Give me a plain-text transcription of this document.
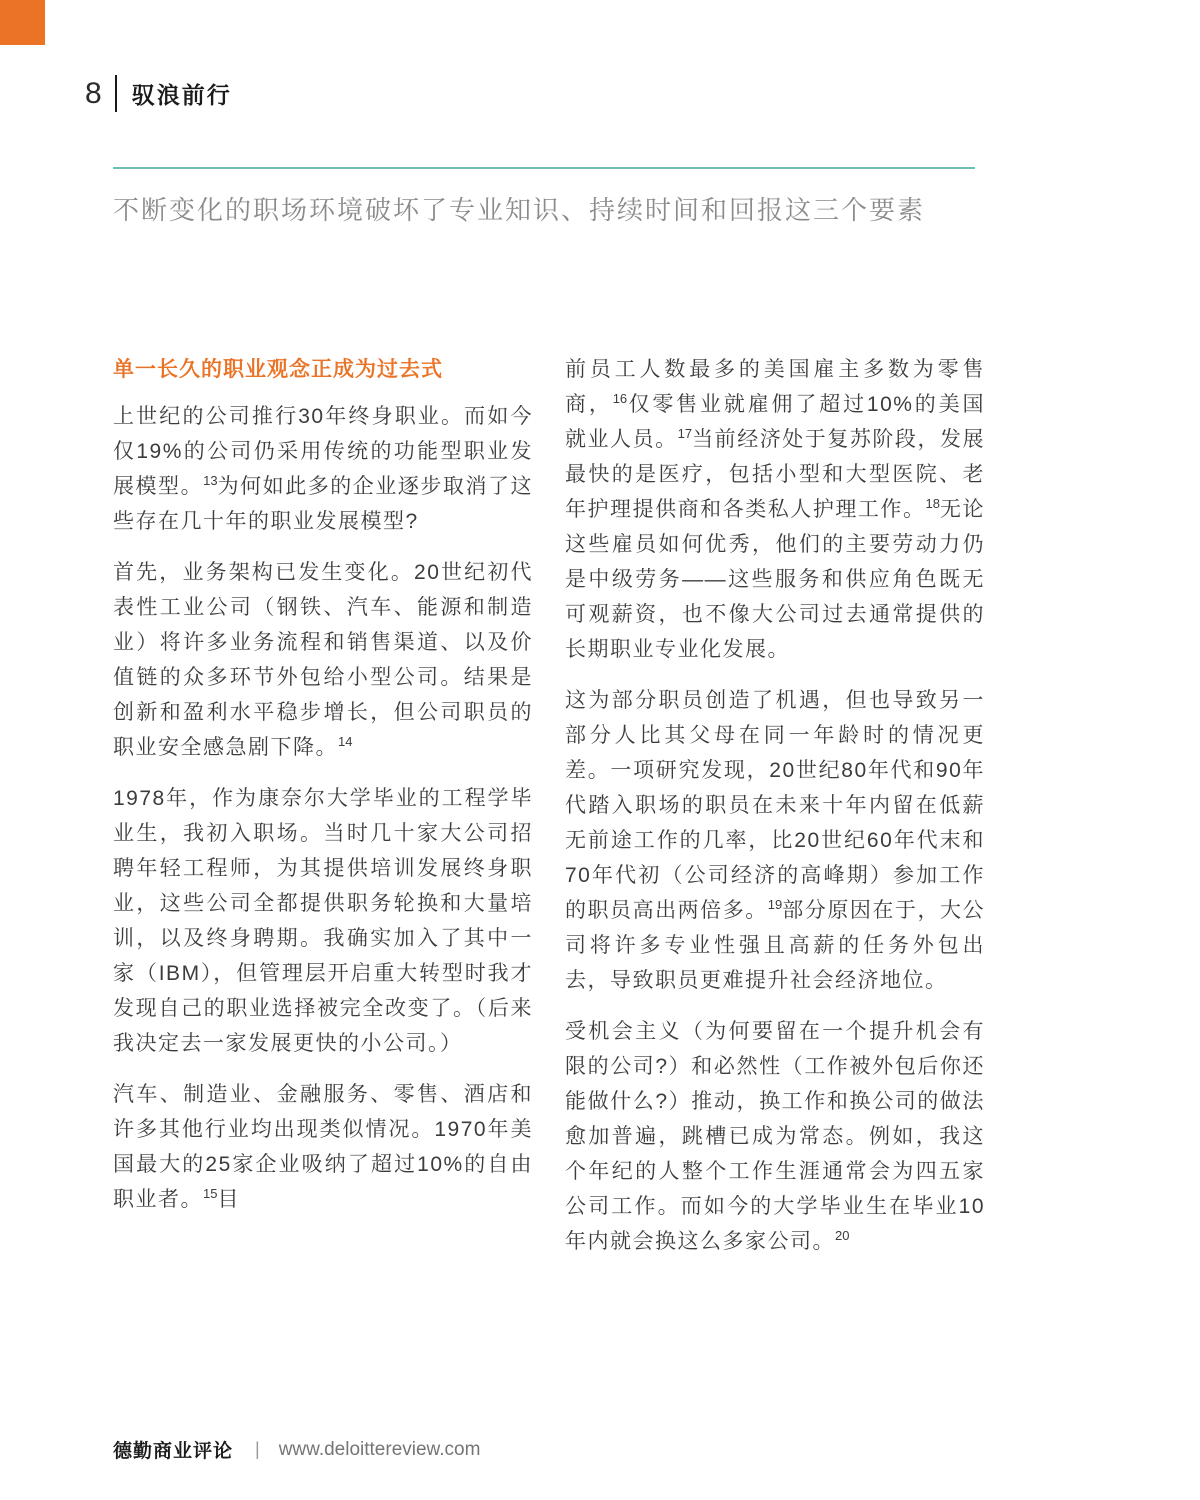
8 驭浪前行
不断变化的职场环境破坏了专业知识、持续时间和回报这三个要素
单一长久的职业观念正成为过去式

上世纪的公司推行30年终身职业。而如今仅19%的公司仍采用传统的功能型职业发展模型。$^{13}$为何如此多的企业逐步取消了这些存在几十年的职业发展模型?

首先，业务架构已发生变化。20世纪初代表性工业公司（钢铁、汽车、能源和制造业）将许多业务流程和销售渠道、以及价值链的众多环节外包给小型公司。结果是创新和盈利水平稳步增长，但公司职员的职业安全感急剧下降。$^{14}$

1978年，作为康奈尔大学毕业的工程学毕业生，我初入职场。当时几十家大公司招聘年轻工程师，为其提供培训发展终身职业，这些公司全都提供职务轮换和大量培训，以及终身聘期。我确实加入了其中一家（IBM），但管理层开启重大转型时我才发现自己的职业选择被完全改变了。（后来我决定去一家发展更快的小公司。）

汽车、制造业、金融服务、零售、酒店和许多其他行业均出现类似情况。1970年美国最大的25家企业吸纳了超过10%的自由职业者。$^{15}$目

前员工人数最多的美国雇主多数为零售商，$^{16}$仅零售业就雇佣了超过10%的美国就业人员。$^{17}$当前经济处于复苏阶段，发展最快的是医疗，包括小型和大型医院、老年护理提供商和各类私人护理工作。$^{18}$无论这些雇员如何优秀，他们的主要劳动力仍是中级劳务——这些服务和供应角色既无可观薪资，也不像大公司过去通常提供的长期职业专业化发展。

这为部分职员创造了机遇，但也导致另一部分人比其父母在同一年龄时的情况更差。一项研究发现，20世纪80年代和90年代踏入职场的职员在未来十年内留在低薪无前途工作的几率，比20世纪60年代末和70年代初（公司经济的高峰期）参加工作的职员高出两倍多。$^{19}$部分原因在于，大公司将许多专业性强且高薪的任务外包出去，导致职员更难提升社会经济地位。

受机会主义（为何要留在一个提升机会有限的公司?）和必然性（工作被外包后你还能做什么?）推动，换工作和换公司的做法愈加普遍，跳槽已成为常态。例如，我这个年纪的人整个工作生涯通常会为四五家公司工作。而如今的大学毕业生在毕业10年内就会换这么多家公司。$^{20}$

德勤商业评论 | www.deloittereview.com
